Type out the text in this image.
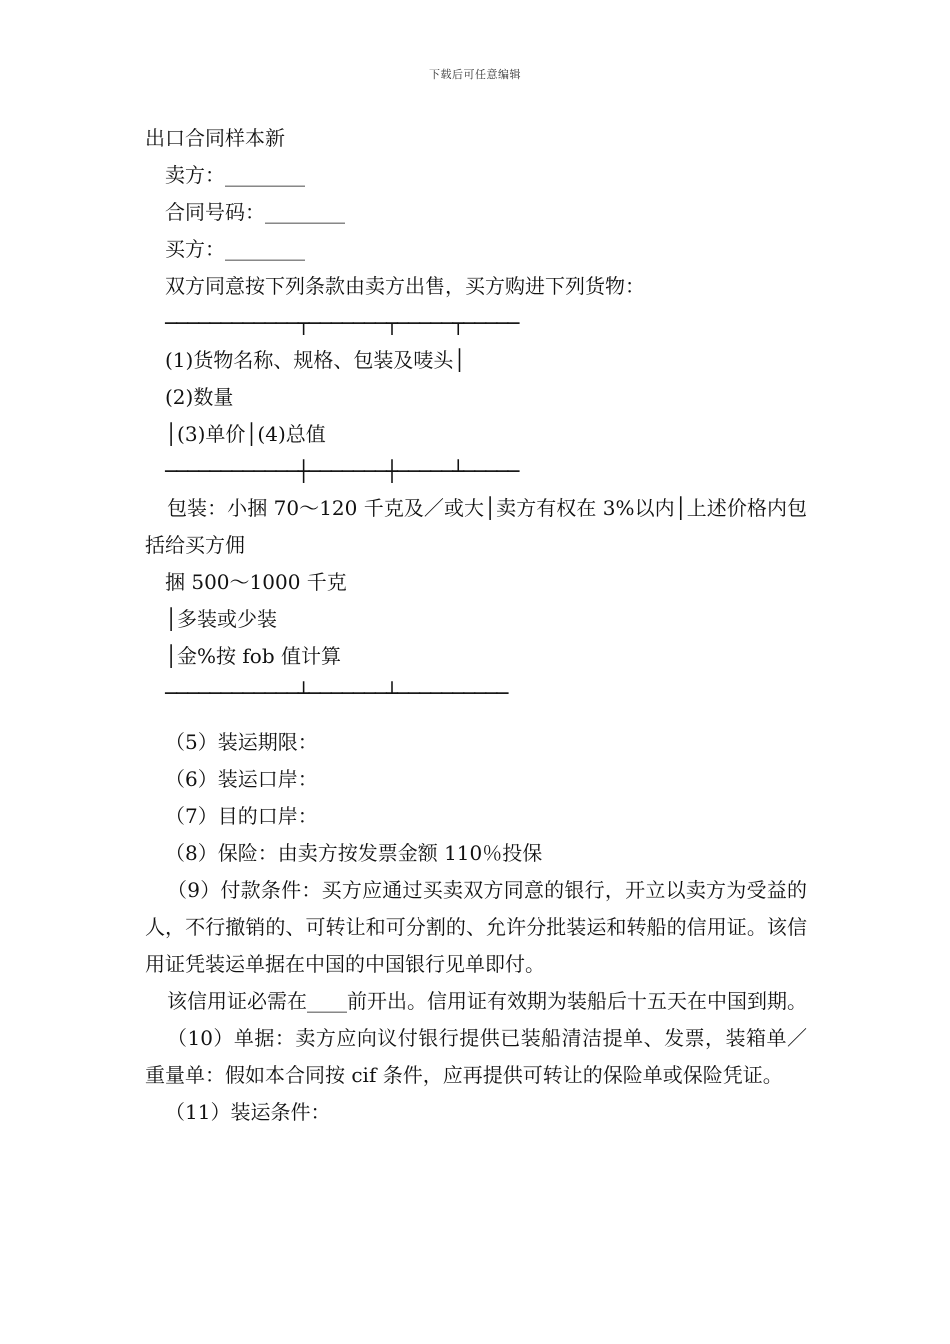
下载后可任意编辑
出口合同样本新
卖方：________
合同号码：________
买方：________
双方同意按下列条款由卖方出售，买方购进下列货物：
────────────┬───────┬─────┬─────
(1)货物名称、规格、包装及唛头│
(2)数量
│(3)单价│(4)总值
────────────┼───────┼─────┴─────
包装：小捆 70～120 千克及／或大│卖方有权在 3%以内│上述价格内包括给买方佣
捆 500～1000 千克
│多装或少装
│金%按 fob 值计算
────────────┴───────┴──────────
（5）装运期限：
（6）装运口岸：
（7）目的口岸：
（8）保险：由卖方按发票金额 110％投保
（9）付款条件：买方应通过买卖双方同意的银行，开立以卖方为受益的人，不行撤销的、可转让和可分割的、允许分批装运和转船的信用证。该信用证凭装运单据在中国的中国银行见单即付。
该信用证必需在____前开出。信用证有效期为装船后十五天在中国到期。
（10）单据：卖方应向议付银行提供已装船清洁提单、发票，装箱单／重量单：假如本合同按 cif 条件，应再提供可转让的保险单或保险凭证。
（11）装运条件：
